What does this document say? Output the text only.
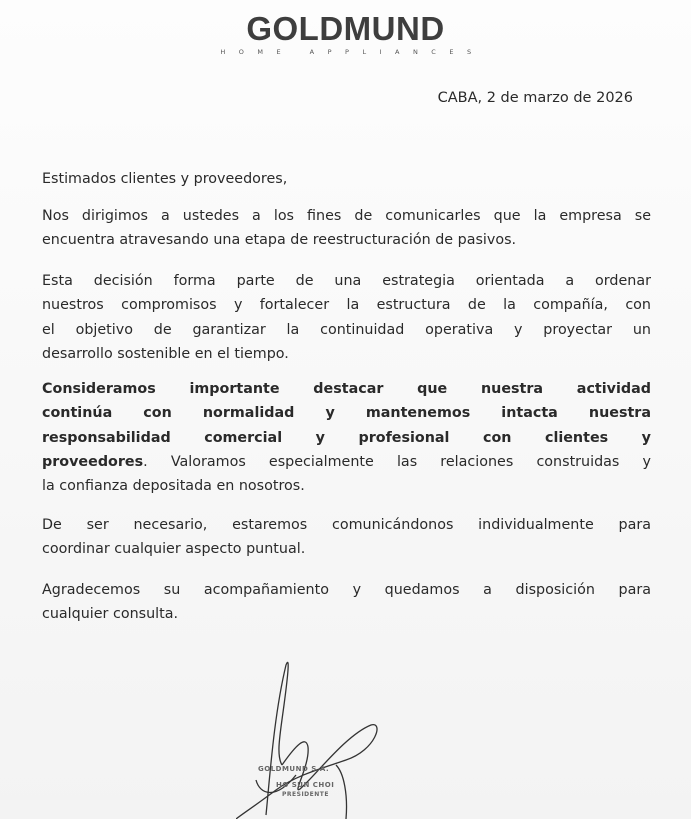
GOLDMUND
HOME APPLIANCES
CABA, 2 de marzo de 2026
Estimados clientes y proveedores,
Nos dirigimos a ustedes a los fines de comunicarles que la empresa se
encuentra atravesando una etapa de reestructuración de pasivos.
Esta decisión forma parte de una estrategia orientada a ordenar
nuestros compromisos y fortalecer la estructura de la compañía, con
el objetivo de garantizar la continuidad operativa y proyectar un
desarrollo sostenible en el tiempo.
Consideramos importante destacar que nuestra actividad
continúa con normalidad y mantenemos intacta nuestra
responsabilidad comercial y profesional con clientes y
proveedores. Valoramos especialmente las relaciones construidas y
la confianza depositada en nosotros.
De ser necesario, estaremos comunicándonos individualmente para
coordinar cualquier aspecto puntual.
Agradecemos su acompañamiento y quedamos a disposición para
cualquier consulta.
GOLDMUND S.A.
HO SUN CHOI
PRESIDENTE
